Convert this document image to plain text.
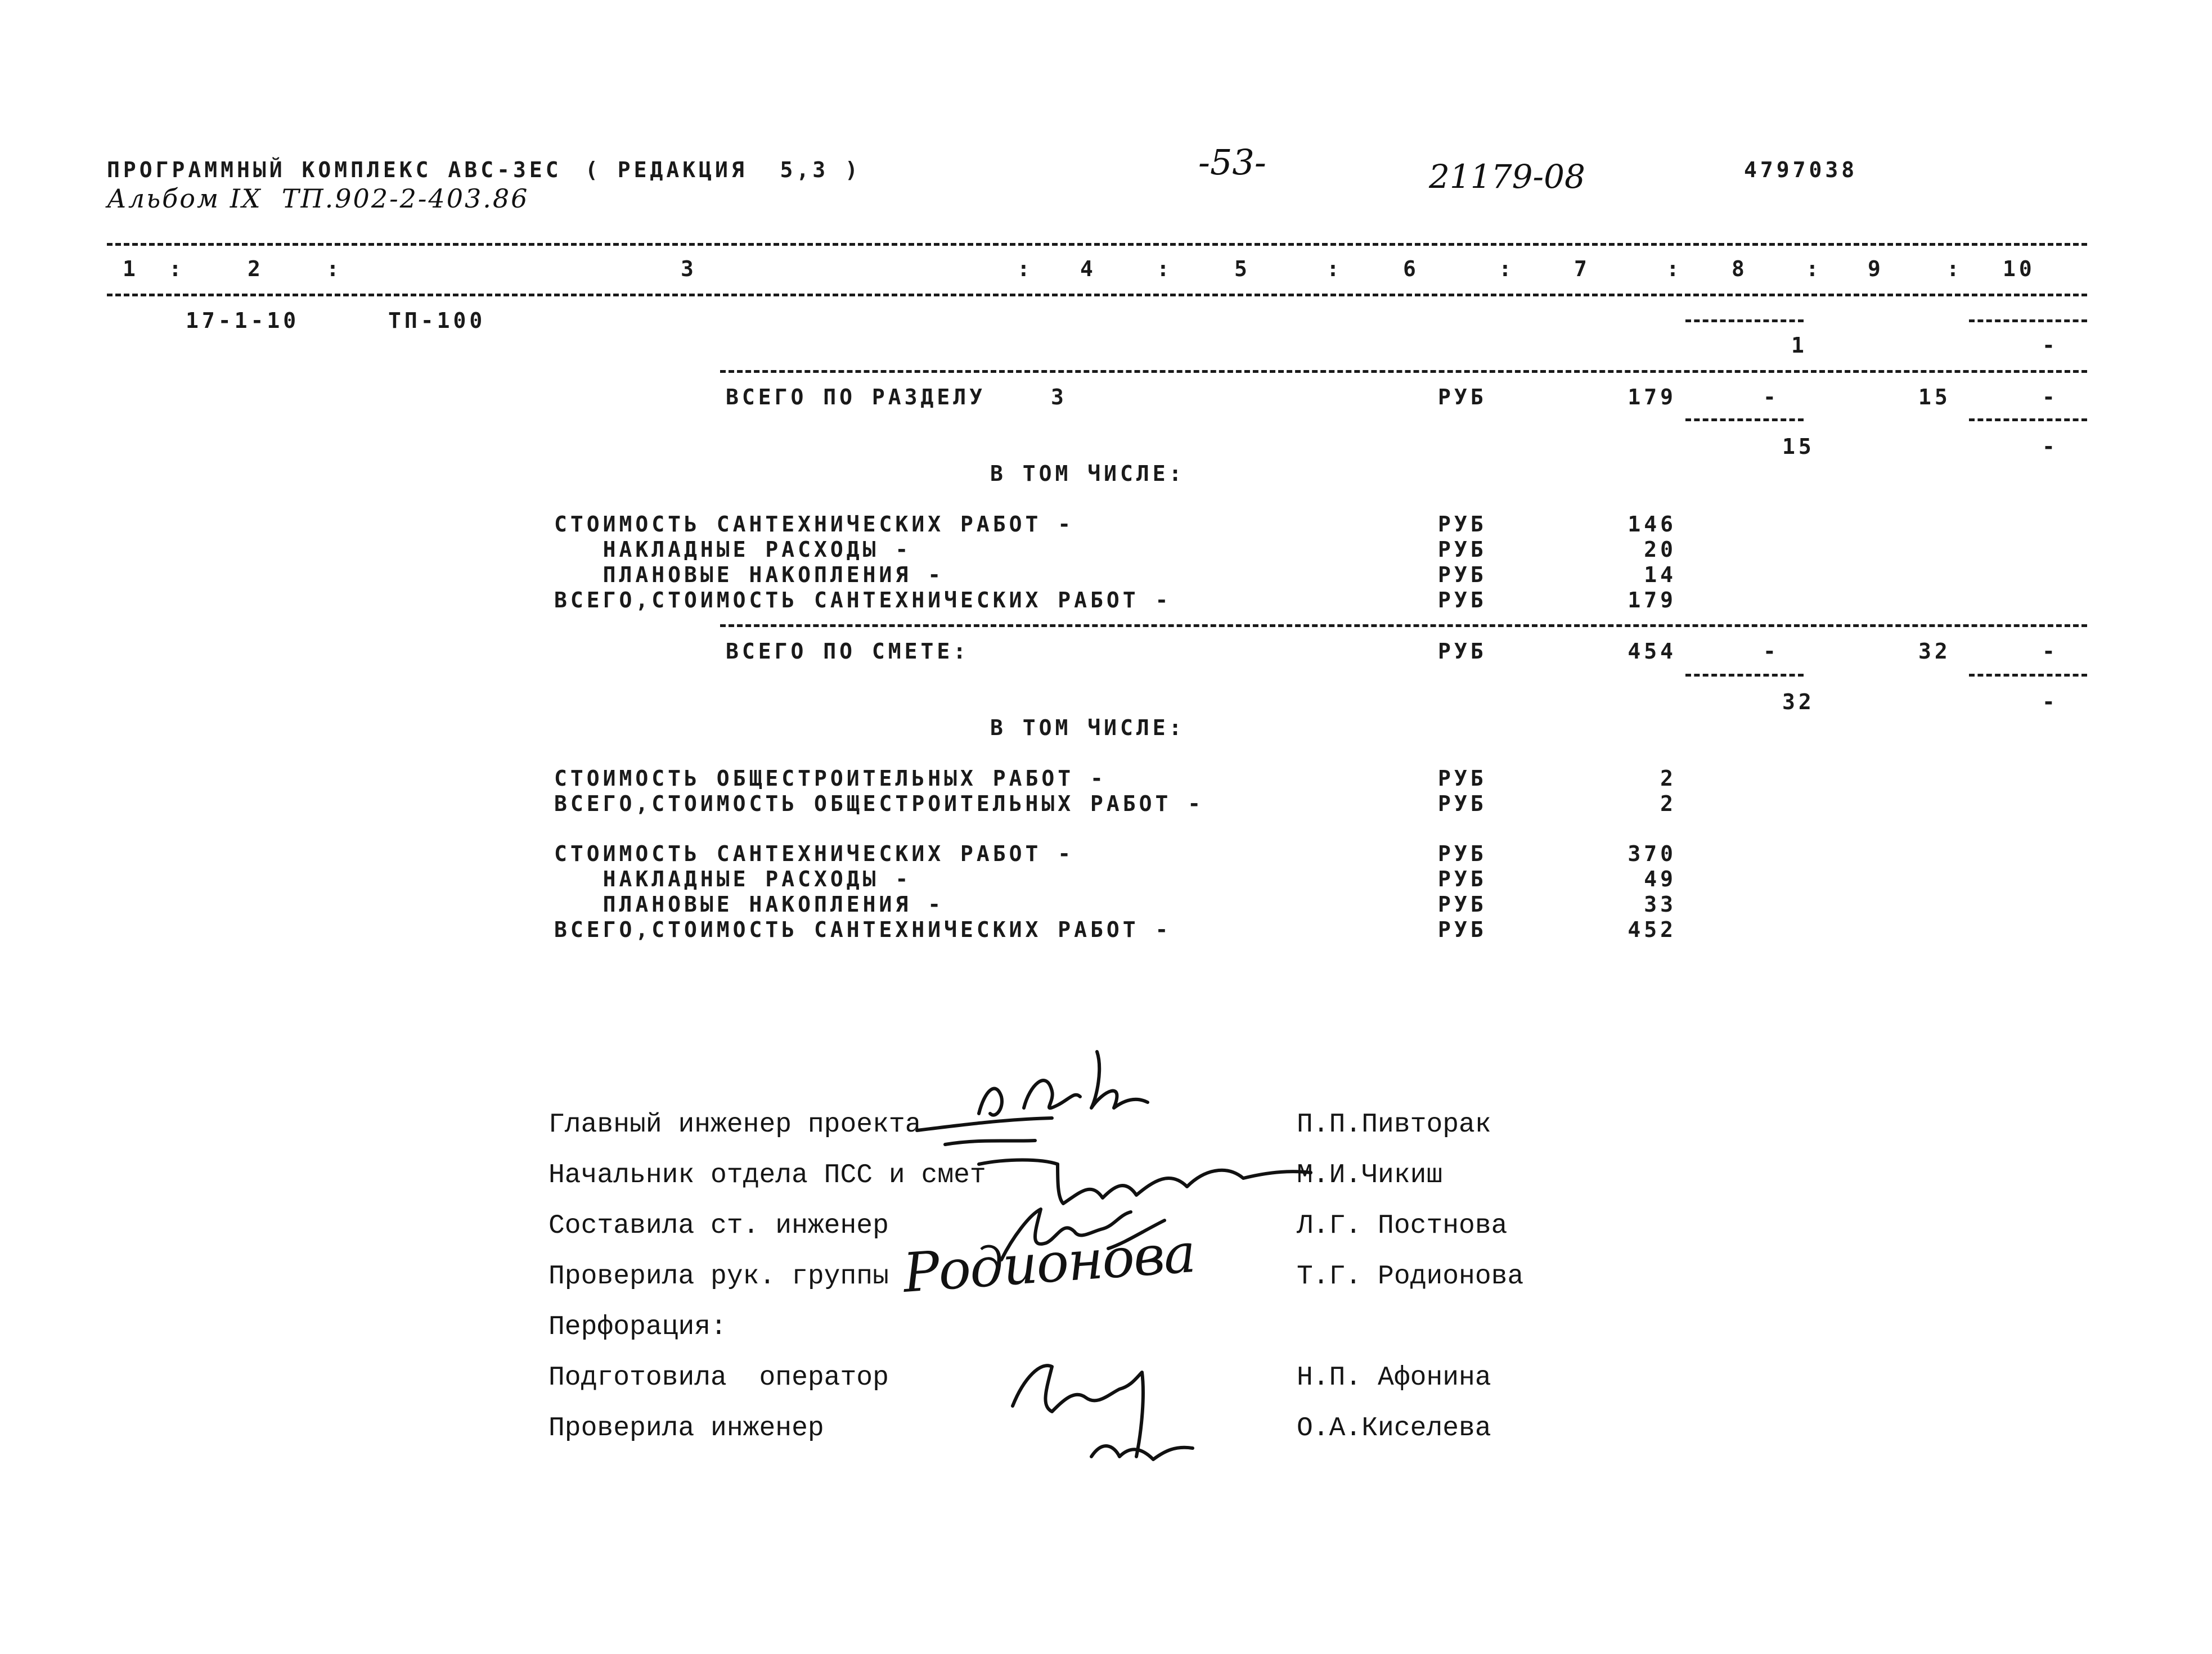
ПРОГРАММНЫЙ КОМПЛЕКС АВС-ЗЕС ( РЕДАКЦИЯ  5,3 )	-53-	21179-08	4797038
Альбом IX  ТП.902-2-403.86
1 :	2	:	3	: 4	:	5	:	6	:	7	: 8	: 9	: 10
17-1-10	ТП-100
1	-
ВСЕГО ПО РАЗДЕЛУ	3	РУБ	179	-	15	-
15	-
В ТОМ ЧИСЛЕ:
СТОИМОСТЬ САНТЕХНИЧЕСКИХ РАБОТ -	РУБ	146
НАКЛАДНЫЕ РАСХОДЫ -	РУБ	20
ПЛАНОВЫЕ НАКОПЛЕНИЯ -	РУБ	14
ВСЕГО,СТОИМОСТЬ САНТЕХНИЧЕСКИХ РАБОТ -	РУБ	179
ВСЕГО ПО СМЕТЕ:	РУБ	454	-	32	-
32	-
В ТОМ ЧИСЛЕ:
СТОИМОСТЬ ОБЩЕСТРОИТЕЛЬНЫХ РАБОТ -	РУБ	2
ВСЕГО,СТОИМОСТЬ ОБЩЕСТРОИТЕЛЬНЫХ РАБОТ -	РУБ	2
СТОИМОСТЬ САНТЕХНИЧЕСКИХ РАБОТ -	РУБ	370
НАКЛАДНЫЕ РАСХОДЫ -	РУБ	49
ПЛАНОВЫЕ НАКОПЛЕНИЯ -	РУБ	33
ВСЕГО,СТОИМОСТЬ САНТЕХНИЧЕСКИХ РАБОТ -	РУБ	452
Главный инженер проекта	П.П.Пивторак
Начальник отдела ПСС и смет	М.И.Чикиш
Составила ст. инженер	Л.Г. Постнова
Проверила рук. группы	Т.Г. Родионова
Перфорация:
Подготовила  оператор	Н.П. Афонина
Проверила инженер	О.А.Киселева
Родионова
